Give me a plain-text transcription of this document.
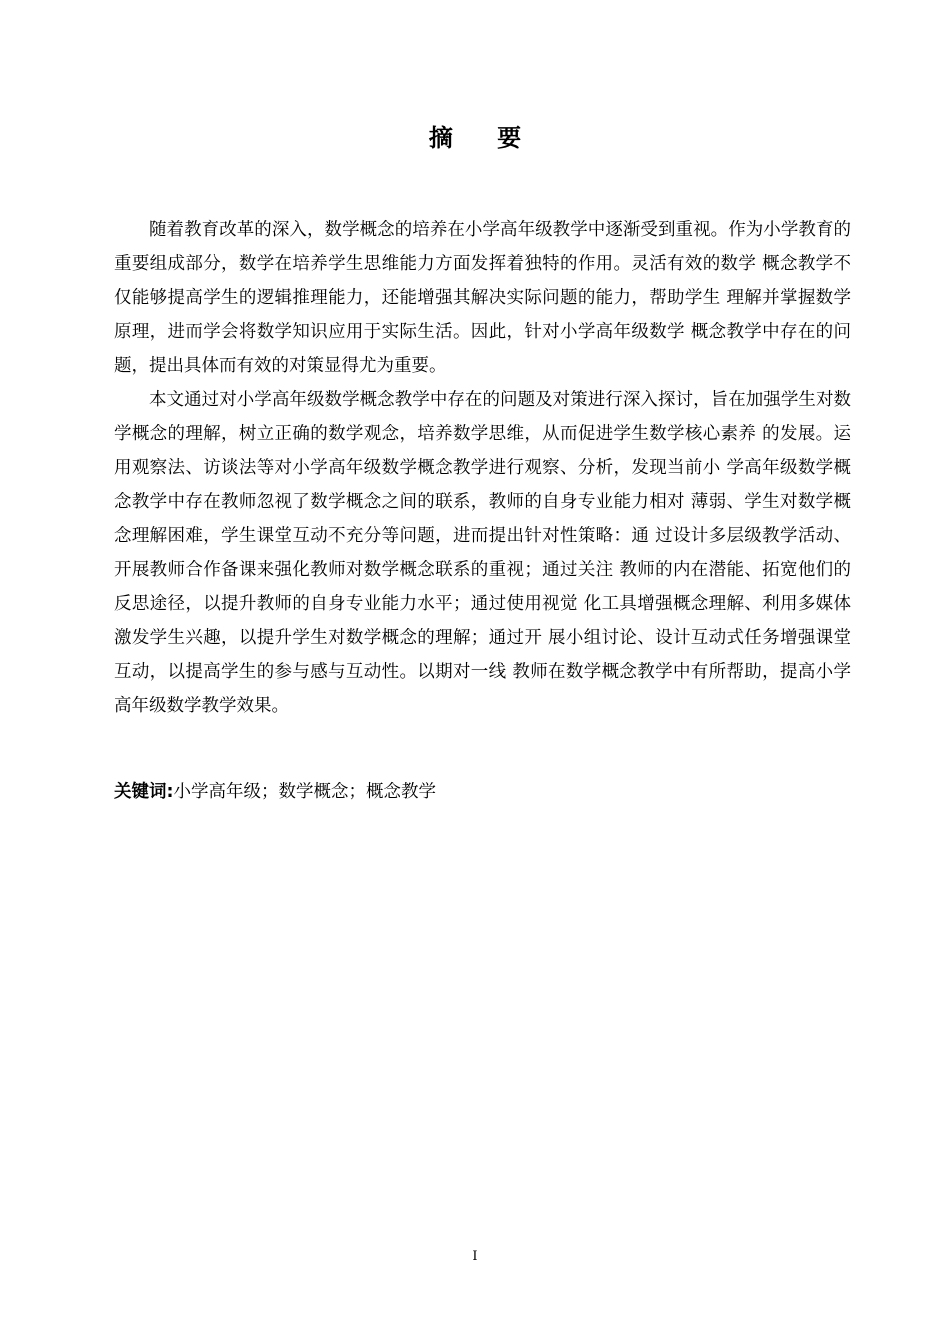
摘 要

随着教育改革的深入，数学概念的培养在小学高年级教学中逐渐受到重视。作为小学教育的重要组成部分，数学在培养学生思维能力方面发挥着独特的作用。灵活有效的数学 概念教学不仅能够提高学生的逻辑推理能力，还能增强其解决实际问题的能力，帮助学生 理解并掌握数学原理，进而学会将数学知识应用于实际生活。因此，针对小学高年级数学 概念教学中存在的问题，提出具体而有效的对策显得尤为重要。

本文通过对小学高年级数学概念教学中存在的问题及对策进行深入探讨，旨在加强学生对数学概念的理解，树立正确的数学观念，培养数学思维，从而促进学生数学核心素养 的发展。运用观察法、访谈法等对小学高年级数学概念教学进行观察、分析，发现当前小 学高年级数学概念教学中存在教师忽视了数学概念之间的联系，教师的自身专业能力相对 薄弱、学生对数学概念理解困难，学生课堂互动不充分等问题，进而提出针对性策略：通 过设计多层级教学活动、开展教师合作备课来强化教师对数学概念联系的重视；通过关注 教师的内在潜能、拓宽他们的反思途径，以提升教师的自身专业能力水平；通过使用视觉 化工具增强概念理解、利用多媒体激发学生兴趣，以提升学生对数学概念的理解；通过开 展小组讨论、设计互动式任务增强课堂互动，以提高学生的参与感与互动性。以期对一线 教师在数学概念教学中有所帮助，提高小学高年级数学教学效果。

关键词:小学高年级；数学概念；概念教学
I
